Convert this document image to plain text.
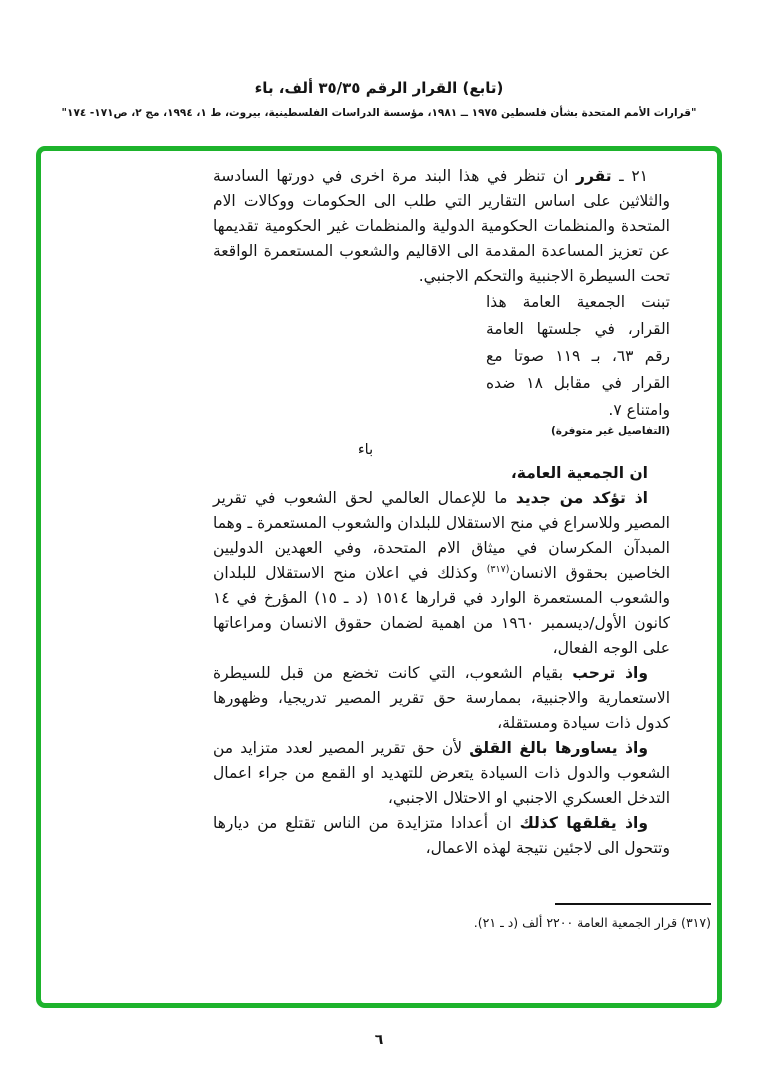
(تابع) القرار الرقم ٣٥/٣٥ ألف، باء
"قرارات الأمم المتحدة بشأن فلسطين ١٩٧٥ ــ ١٩٨١، مؤسسة الدراسات الفلسطينية، بيروت، ط ١، ١٩٩٤، مج ٢، ص١٧١- ١٧٤"

٢١ ـ تقرر ان تنظر في هذا البند مرة اخرى في دورتها السادسة والثلاثين على اساس التقارير التي طلب الى الحكومات ووكالات الام المتحدة والمنظمات الحكومية الدولية والمنظمات غير الحكومية تقديمها عن تعزيز المساعدة المقدمة الى الاقاليم والشعوب المستعمرة الواقعة تحت السيطرة الاجنبية والتحكم الاجنبي.

تبنت الجمعية العامة هذا القرار، في جلستها العامة رقم ٦٣، بـ ١١٩ صوتا مع القرار في مقابل ١٨ ضده وامتناع ٧.

(التفاصيل غير متوفرة)

باء

ان الجمعية العامة،

اذ تؤكد من جديد ما للإعمال العالمي لحق الشعوب في تقرير المصير وللاسراع في منح الاستقلال للبلدان والشعوب المستعمرة ـ وهما المبدآن المكرسان في ميثاق الام المتحدة، وفي العهدين الدوليين الخاصين بحقوق الانسان$^{(٣١٧)}$ وكذلك في اعلان منح الاستقلال للبلدان والشعوب المستعمرة الوارد في قرارها ١٥١٤ (د ـ ١٥) المؤرخ في ١٤ كانون الأول/ديسمبر ١٩٦٠ من اهمية لضمان حقوق الانسان ومراعاتها على الوجه الفعال،

واذ ترحب بقيام الشعوب، التي كانت تخضع من قبل للسيطرة الاستعمارية والاجنبية، بممارسة حق تقرير المصير تدريجيا، وظهورها كدول ذات سيادة ومستقلة،

واذ يساورها بالغ القلق لأن حق تقرير المصير لعدد متزايد من الشعوب والدول ذات السيادة يتعرض للتهديد او القمع من جراء اعمال التدخل العسكري الاجنبي او الاحتلال الاجنبي،

واذ يقلقها كذلك ان أعدادا متزايدة من الناس تقتلع من ديارها وتتحول الى لاجئين نتيجة لهذه الاعمال،

(٣١٧) قرار الجمعية العامة ٢٢٠٠ ألف (د ـ ٢١).
٦
